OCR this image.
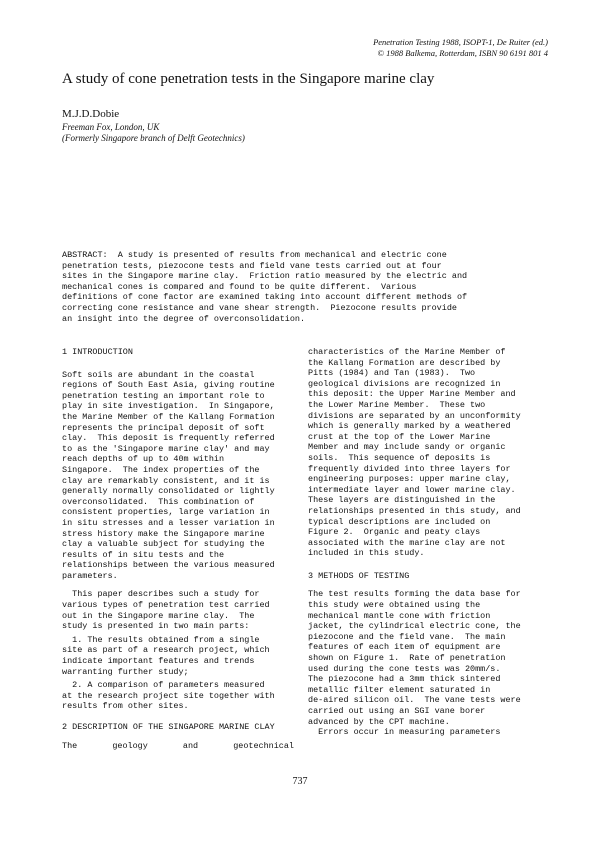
Penetration Testing 1988, ISOPT-1, De Ruiter (ed.)
© 1988 Balkema, Rotterdam, ISBN 90 6191 801 4
A study of cone penetration tests in the Singapore marine clay
M.J.D.Dobie
Freeman Fox, London, UK
(Formerly Singapore branch of Delft Geotechnics)

ABSTRACT:  A study is presented of results from mechanical and electric cone

penetration tests, piezocone tests and field vane tests carried out at four

sites in the Singapore marine clay.  Friction ratio measured by the electric and

mechanical cones is compared and found to be quite different.  Various

definitions of cone factor are examined taking into account different methods of

correcting cone resistance and vane shear strength.  Piezocone results provide

an insight into the degree of overconsolidation.

1 INTRODUCTION

Soft soils are abundant in the coastal

regions of South East Asia, giving routine

penetration testing an important role to

play in site investigation.  In Singapore,

the Marine Member of the Kallang Formation

represents the principal deposit of soft

clay.  This deposit is frequently referred

to as the 'Singapore marine clay' and may

reach depths of up to 40m within

Singapore.  The index properties of the

clay are remarkably consistent, and it is

generally normally consolidated or lightly

overconsolidated.  This combination of

consistent properties, large variation in

in situ stresses and a lesser variation in

stress history make the Singapore marine

clay a valuable subject for studying the

results of in situ tests and the

relationships between the various measured

parameters.

This paper describes such a study for

various types of penetration test carried

out in the Singapore marine clay.  The

study is presented in two main parts:

1. The results obtained from a single

site as part of a research project, which

indicate important features and trends

warranting further study;

2. A comparison of parameters measured

at the research project site together with

results from other sites.

2 DESCRIPTION OF THE SINGAPORE MARINE CLAY
The	geology	and	geotechnical

characteristics of the Marine Member of

the Kallang Formation are described by

Pitts (1984) and Tan (1983).  Two

geological divisions are recognized in

this deposit: the Upper Marine Member and

the Lower Marine Member.  These two

divisions are separated by an unconformity

which is generally marked by a weathered

crust at the top of the Lower Marine

Member and may include sandy or organic

soils.  This sequence of deposits is

frequently divided into three layers for

engineering purposes: upper marine clay,

intermediate layer and lower marine clay.

These layers are distinguished in the

relationships presented in this study, and

typical descriptions are included on

Figure 2.  Organic and peaty clays

associated with the marine clay are not

included in this study.

3 METHODS OF TESTING

The test results forming the data base for

this study were obtained using the

mechanical mantle cone with friction

jacket, the cylindrical electric cone, the

piezocone and the field vane.  The main

features of each item of equipment are

shown on Figure 1.  Rate of penetration

used during the cone tests was 20mm/s.

The piezocone had a 3mm thick sintered

metallic filter element saturated in

de-aired silicon oil.  The vane tests were

carried out using an SGI vane borer

advanced by the CPT machine.

Errors occur in measuring parameters

737
